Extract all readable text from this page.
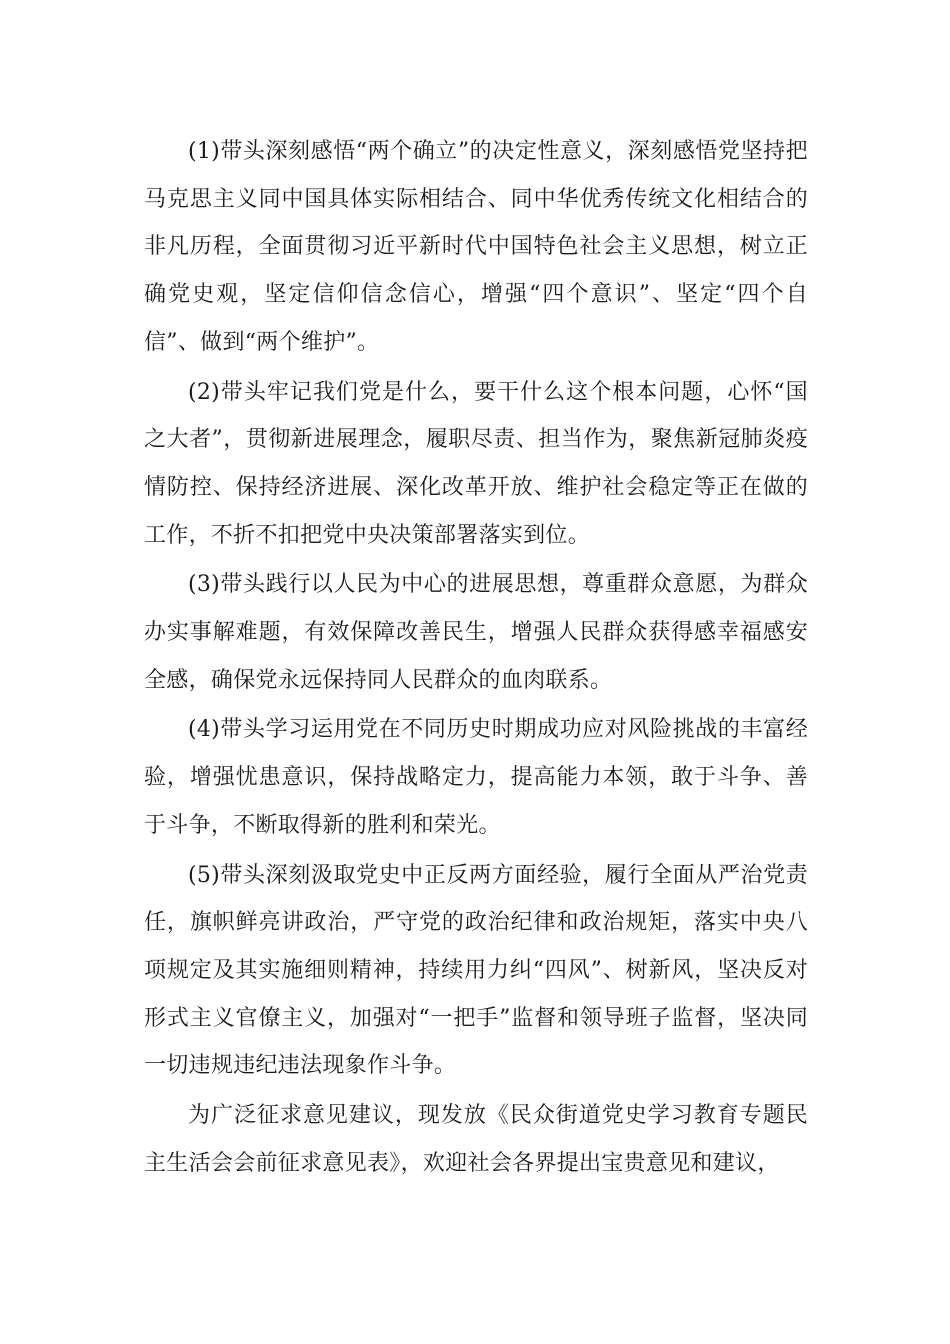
(1)带头深刻感悟“两个确立”的决定性意义，深刻感悟党坚持把马克思主义同中国具体实际相结合、同中华优秀传统文化相结合的非凡历程，全面贯彻习近平新时代中国特色社会主义思想，树立正确党史观，坚定信仰信念信心，增强“四个意识”、坚定“四个自信”、做到“两个维护”。

(2)带头牢记我们党是什么，要干什么这个根本问题，心怀“国之大者”，贯彻新进展理念，履职尽责、担当作为，聚焦新冠肺炎疫情防控、保持经济进展、深化改革开放、维护社会稳定等正在做的工作，不折不扣把党中央决策部署落实到位。

(3)带头践行以人民为中心的进展思想，尊重群众意愿，为群众办实事解难题，有效保障改善民生，增强人民群众获得感幸福感安全感，确保党永远保持同人民群众的血肉联系。

(4)带头学习运用党在不同历史时期成功应对风险挑战的丰富经验，增强忧患意识，保持战略定力，提高能力本领，敢于斗争、善于斗争，不断取得新的胜利和荣光。

(5)带头深刻汲取党史中正反两方面经验，履行全面从严治党责任，旗帜鲜亮讲政治，严守党的政治纪律和政治规矩，落实中央八项规定及其实施细则精神，持续用力纠“四风”、树新风，坚决反对形式主义官僚主义，加强对“一把手”监督和领导班子监督，坚决同一切违规违纪违法现象作斗争。

为广泛征求意见建议，现发放《民众街道党史学习教育专题民主生活会会前征求意见表》，欢迎社会各界提出宝贵意见和建议，
